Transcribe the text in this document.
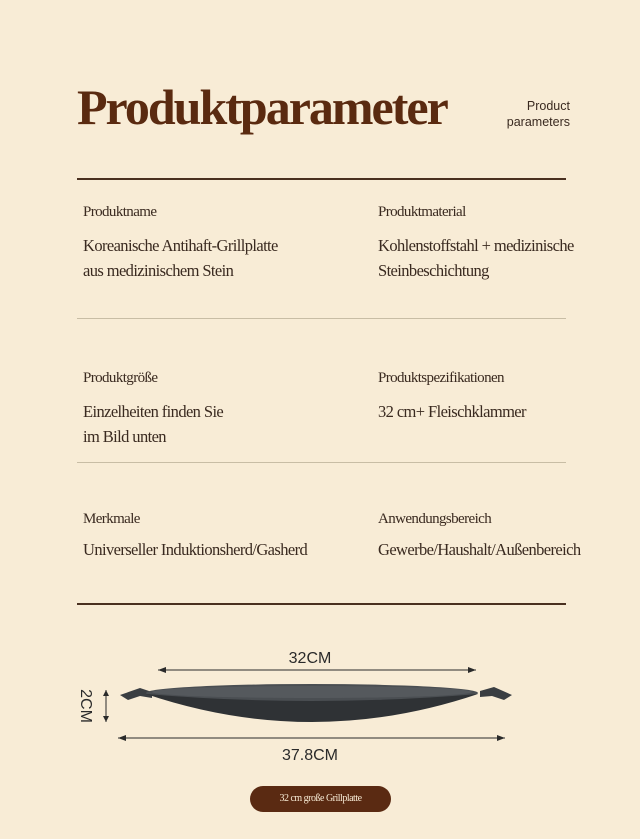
Produktparameter	Product
parameters

Produktname

Koreanische Antihaft-Grillplatte
aus medizinischem Stein

Produktmaterial

Kohlenstoffstahl + medizinische
Steinbeschichtung

Produktgröße

Einzelheiten finden Sie
im Bild unten

Produktspezifikationen

32 cm+ Fleischklammer

Merkmale

Universeller Induktionsherd/Gasherd

Anwendungsbereich

Gewerbe/Haushalt/Außenbereich

32CM
2CM
37.8CM
32 cm große Grillplatte
